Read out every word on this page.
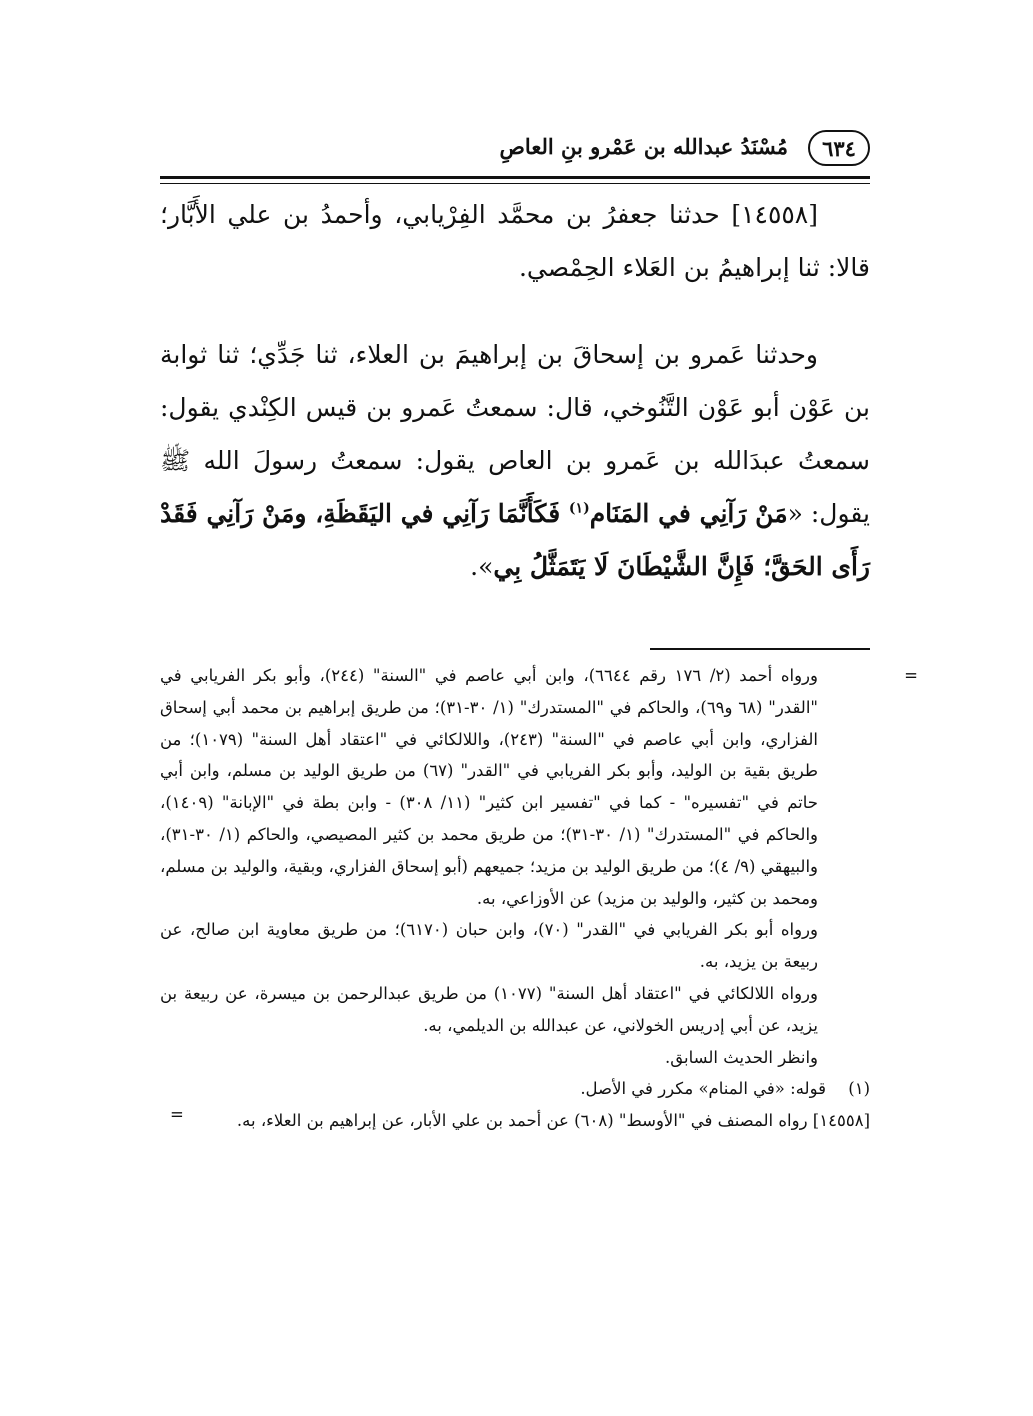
٦٣٤
مُسْنَدُ عبدالله بن عَمْرو بنِ العاصِ

[١٤٥٥٨] حدثنا جعفرُ بن محمَّد الفِرْيابي، وأحمدُ بن علي الأَبَّار؛ قالا: ثنا إبراهيمُ بن العَلاء الحِمْصي.

وحدثنا عَمرو بن إسحاقَ بن إبراهيمَ بن العلاء، ثنا جَدِّي؛ ثنا ثوابة بن عَوْن أبو عَوْن التَّنُوخي، قال: سمعتُ عَمرو بن قيس الكِنْدي يقول: سمعتُ عبدَالله بن عَمرو بن العاص يقول: سمعتُ رسولَ الله ﷺ يقول: «مَنْ رَآنِي في المَنَام$^{(١)}$ فَكَأَنَّمَا رَآنِي في اليَقَظَةِ، ومَنْ رَآنِي فَقَدْ رَأَى الحَقَّ؛ فَإِنَّ الشَّيْطَانَ لَا يَتَمَثَّلُ بِي».

=
ورواه أحمد (٢/ ١٧٦ رقم ٦٦٤٤)، وابن أبي عاصم في "السنة" (٢٤٤)، وأبو بكر الفريابي في "القدر" (٦٨ و٦٩)، والحاكم في "المستدرك" (١/ ٣٠-٣١)؛ من طريق إبراهيم بن محمد أبي إسحاق الفزاري، وابن أبي عاصم في "السنة" (٢٤٣)، واللالكائي في "اعتقاد أهل السنة" (١٠٧٩)؛ من طريق بقية بن الوليد، وأبو بكر الفريابي في "القدر" (٦٧) من طريق الوليد بن مسلم، وابن أبي حاتم في "تفسيره" - كما في "تفسير ابن كثير" (١١/ ٣٠٨) - وابن بطة في "الإبانة" (١٤٠٩)، والحاكم في "المستدرك" (١/ ٣٠-٣١)؛ من طريق محمد بن كثير المصيصي، والحاكم (١/ ٣٠-٣١)، والبيهقي (٩/ ٤)؛ من طريق الوليد بن مزيد؛ جميعهم (أبو إسحاق الفزاري، وبقية، والوليد بن مسلم، ومحمد بن كثير، والوليد بن مزيد) عن الأوزاعي، به.

ورواه أبو بكر الفريابي في "القدر" (٧٠)، وابن حبان (٦١٧٠)؛ من طريق معاوية ابن صالح، عن ربيعة بن يزيد، به.

ورواه اللالكائي في "اعتقاد أهل السنة" (١٠٧٧) من طريق عبدالرحمن بن ميسرة، عن ربيعة بن يزيد، عن أبي إدريس الخولاني، عن عبدالله بن الديلمي، به.

وانظر الحديث السابق.

(١)قوله: «في المنام» مكرر في الأصل.

[١٤٥٥٨] رواه المصنف في "الأوسط" (٦٠٨) عن أحمد بن علي الأبار، عن إبراهيم بن العلاء، به.
=
